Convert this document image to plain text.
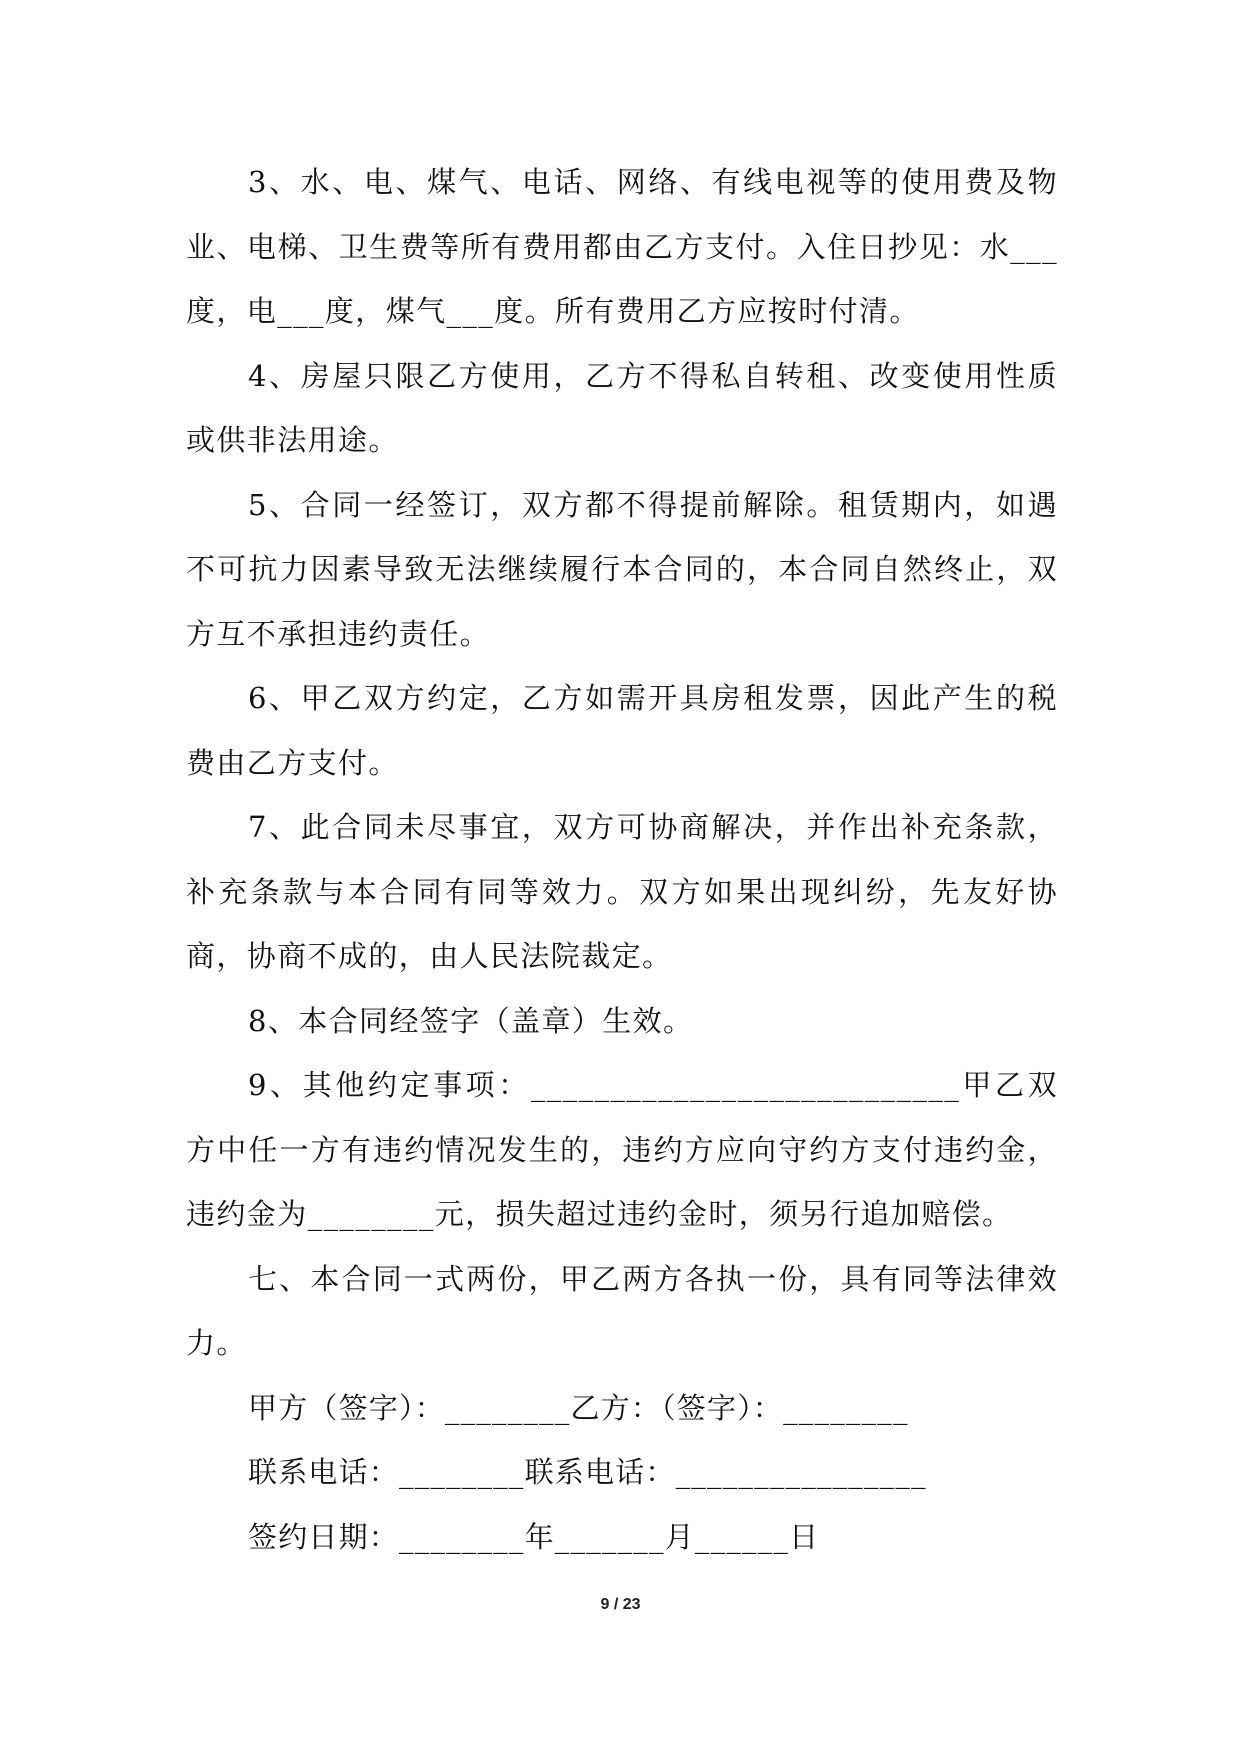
3、水、电、煤气、电话、网络、有线电视等的使用费及物业、电梯、卫生费等所有费用都由乙方支付。入住日抄见：水___度，电___度，煤气___度。所有费用乙方应按时付清。

4、房屋只限乙方使用，乙方不得私自转租、改变使用性质或供非法用途。

5、合同一经签订，双方都不得提前解除。租赁期内，如遇不可抗力因素导致无法继续履行本合同的，本合同自然终止，双方互不承担违约责任。

6、甲乙双方约定，乙方如需开具房租发票，因此产生的税费由乙方支付。

7、此合同未尽事宜，双方可协商解决，并作出补充条款，补充条款与本合同有同等效力。双方如果出现纠纷，先友好协商，协商不成的，由人民法院裁定。

8、本合同经签字（盖章）生效。

9、其他约定事项：___________________________甲乙双方中任一方有违约情况发生的，违约方应向守约方支付违约金，违约金为________元，损失超过违约金时，须另行追加赔偿。

七、本合同一式两份，甲乙两方各执一份，具有同等法律效力。

甲方（签字）：________乙方：（签字）：________

联系电话：________联系电话：________________

签约日期：________年_______月______日

9 / 23
